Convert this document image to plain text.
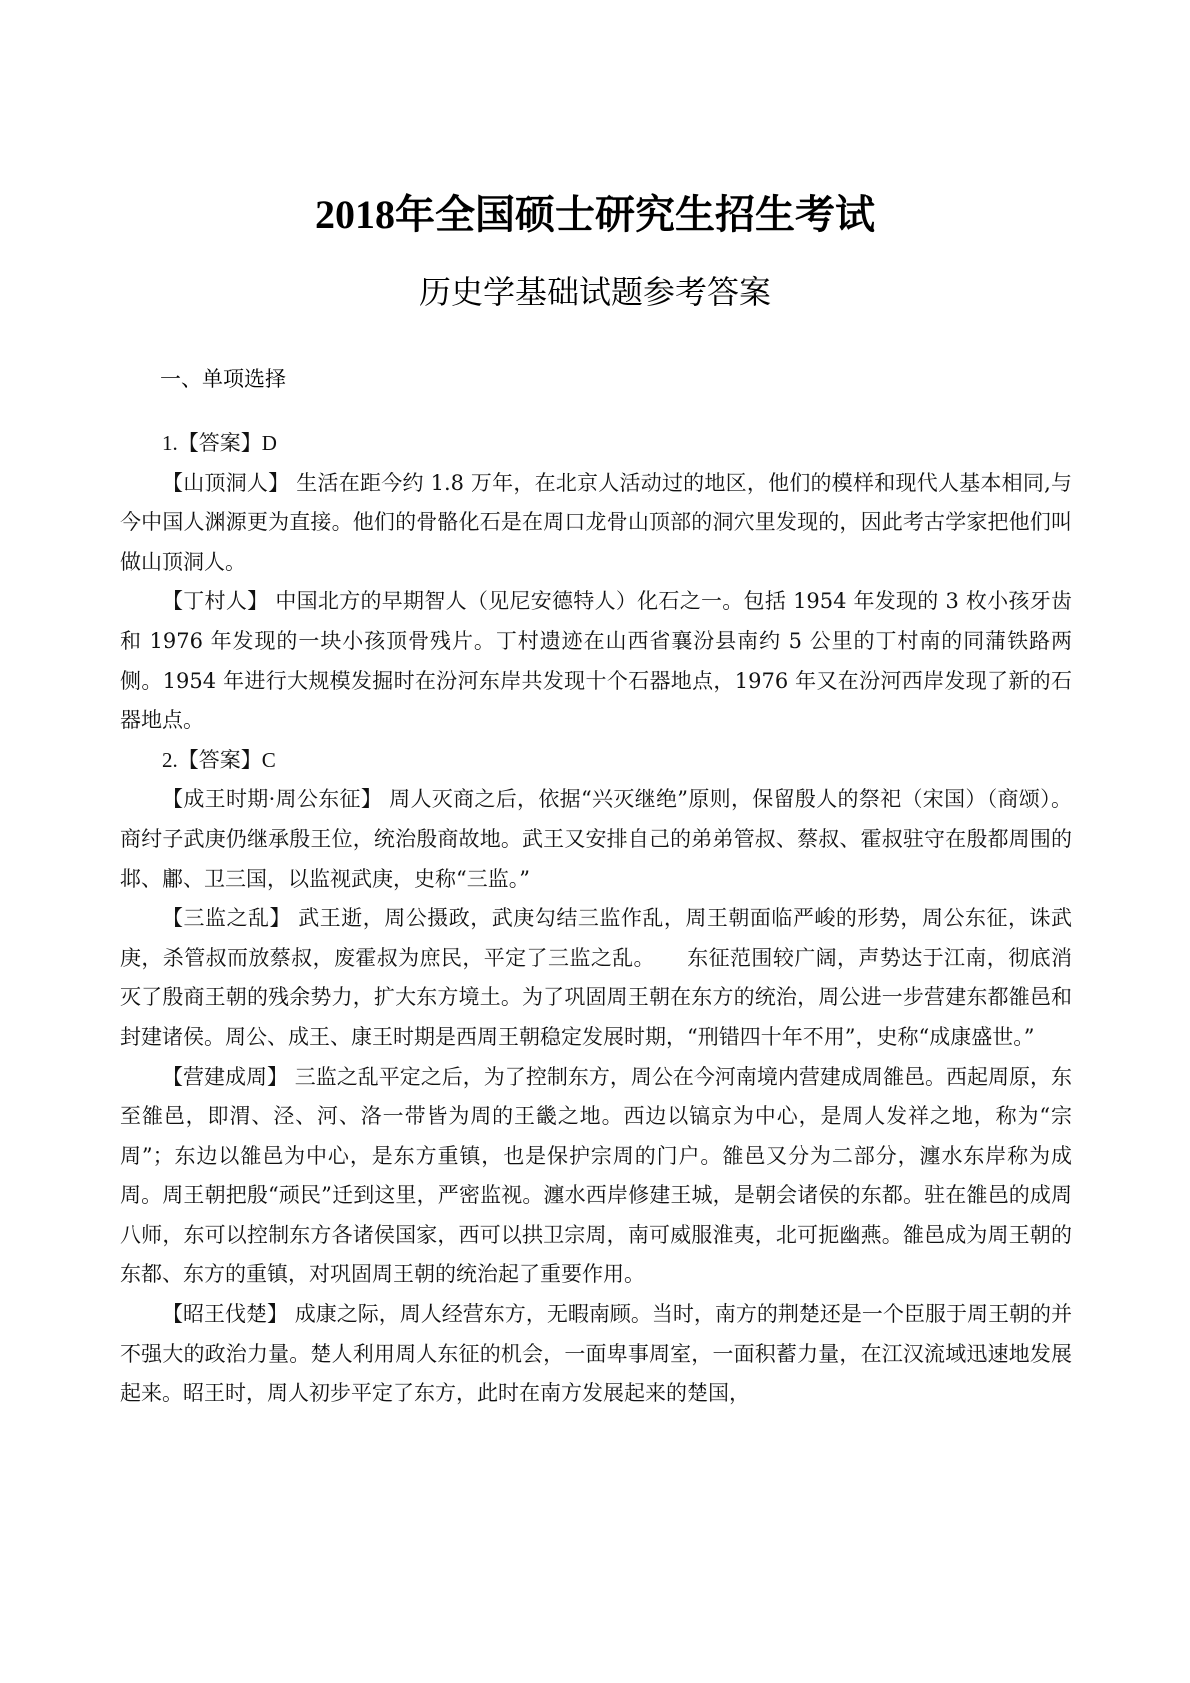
2018年全国硕士研究生招生考试
历史学基础试题参考答案
一、单项选择

1.【答案】D

【山顶洞人】 生活在距今约 1.8 万年，在北京人活动过的地区，他们的模样和现代人基本相同,与今中国人渊源更为直接。他们的骨骼化石是在周口龙骨山顶部的洞穴里发现的，因此考古学家把他们叫做山顶洞人。

【丁村人】 中国北方的早期智人（见尼安德特人）化石之一。包括 1954 年发现的 3 枚小孩牙齿和 1976 年发现的一块小孩顶骨残片。丁村遗迹在山西省襄汾县南约 5 公里的丁村南的同蒲铁路两侧。1954 年进行大规模发掘时在汾河东岸共发现十个石器地点，1976 年又在汾河西岸发现了新的石器地点。

2.【答案】C

【成王时期·周公东征】 周人灭商之后，依据“兴灭继绝”原则，保留殷人的祭祀（宋国）（商颂）。商纣子武庚仍继承殷王位，统治殷商故地。武王又安排自己的弟弟管叔、蔡叔、霍叔驻守在殷都周围的邶、鄘、卫三国，以监视武庚，史称“三监。”

【三监之乱】 武王逝，周公摄政，武庚勾结三监作乱，周王朝面临严峻的形势，周公东征，诛武庚，杀管叔而放蔡叔，废霍叔为庶民，平定了三监之乱。　　东征范围较广阔，声势达于江南，彻底消灭了殷商王朝的残余势力，扩大东方境土。为了巩固周王朝在东方的统治，周公进一步营建东都雒邑和封建诸侯。周公、成王、康王时期是西周王朝稳定发展时期，“刑错四十年不用”，史称“成康盛世。”

【营建成周】 三监之乱平定之后，为了控制东方，周公在今河南境内营建成周雒邑。西起周原，东至雒邑，即渭、泾、河、洛一带皆为周的王畿之地。西边以镐京为中心，是周人发祥之地，称为“宗周”；东边以雒邑为中心，是东方重镇，也是保护宗周的门户。雒邑又分为二部分，瀍水东岸称为成周。周王朝把殷“顽民”迁到这里，严密监视。瀍水西岸修建王城，是朝会诸侯的东都。驻在雒邑的成周八师，东可以控制东方各诸侯国家，西可以拱卫宗周，南可威服淮夷，北可扼幽燕。雒邑成为周王朝的东都、东方的重镇，对巩固周王朝的统治起了重要作用。

【昭王伐楚】 成康之际，周人经营东方，无暇南顾。当时，南方的荆楚还是一个臣服于周王朝的并不强大的政治力量。楚人利用周人东征的机会，一面卑事周室，一面积蓄力量，在江汉流域迅速地发展起来。昭王时，周人初步平定了东方，此时在南方发展起来的楚国，
